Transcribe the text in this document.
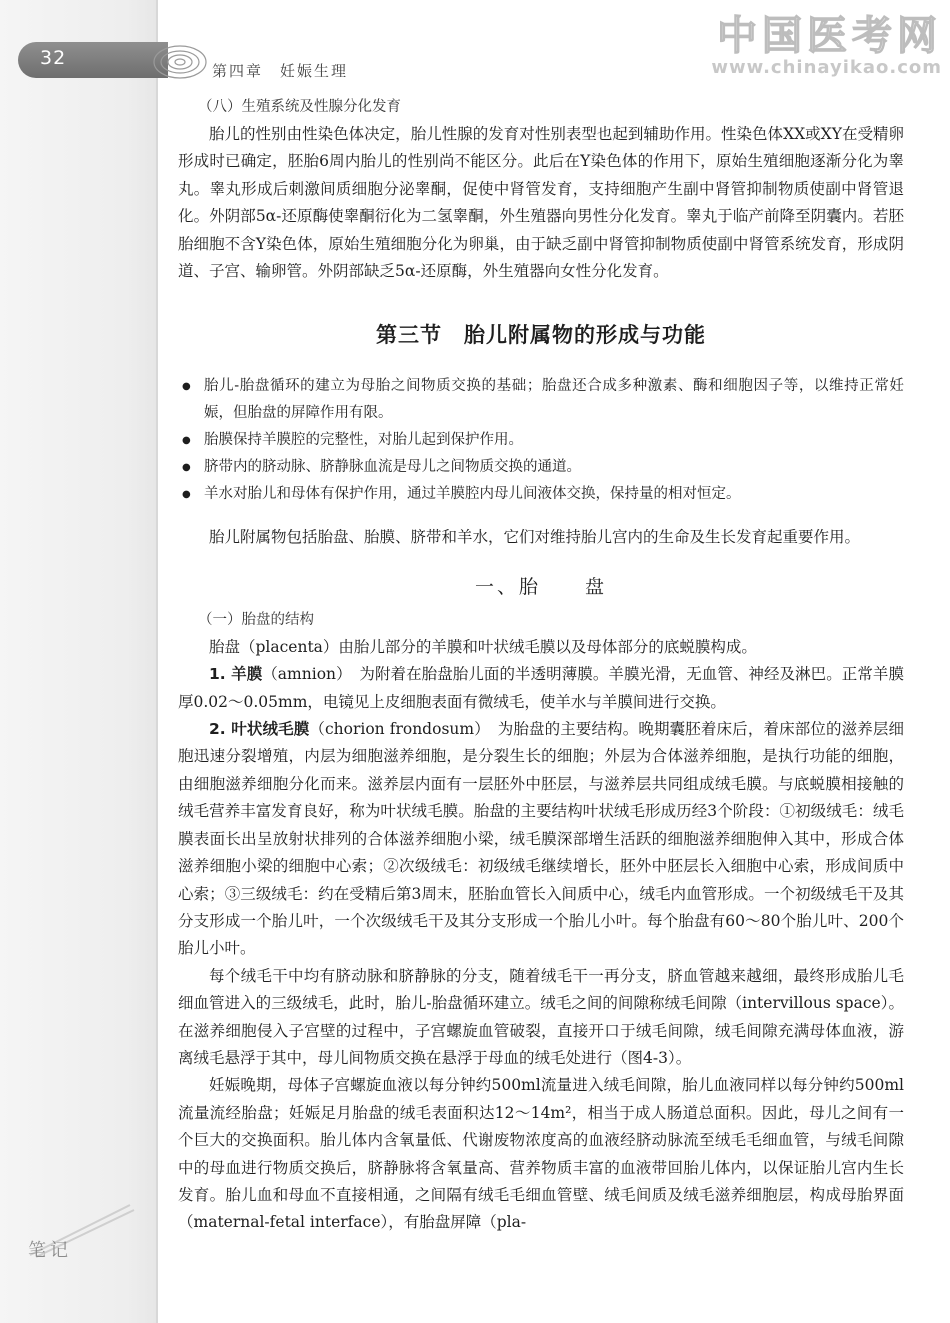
32
第四章　妊娠生理
中国医考网
www.chinayikao.com

（八）生殖系统及性腺分化发育

胎儿的性别由性染色体决定，胎儿性腺的发育对性别表型也起到辅助作用。性染色体XX或XY在受精卵形成时已确定，胚胎6周内胎儿的性别尚不能区分。此后在Y染色体的作用下，原始生殖细胞逐渐分化为睾丸。睾丸形成后刺激间质细胞分泌睾酮，促使中肾管发育，支持细胞产生副中肾管抑制物质使副中肾管退化。外阴部5α-还原酶使睾酮衍化为二氢睾酮，外生殖器向男性分化发育。睾丸于临产前降至阴囊内。若胚胎细胞不含Y染色体，原始生殖细胞分化为卵巢，由于缺乏副中肾管抑制物质使副中肾管系统发育，形成阴道、子宫、输卵管。外阴部缺乏5α-还原酶，外生殖器向女性分化发育。

第三节　胎儿附属物的形成与功能
● 胎儿-胎盘循环的建立为母胎之间物质交换的基础；胎盘还合成多种激素、酶和细胞因子等，以维持正常妊娠，但胎盘的屏障作用有限。
● 胎膜保持羊膜腔的完整性，对胎儿起到保护作用。
● 脐带内的脐动脉、脐静脉血流是母儿之间物质交换的通道。
● 羊水对胎儿和母体有保护作用，通过羊膜腔内母儿间液体交换，保持量的相对恒定。

胎儿附属物包括胎盘、胎膜、脐带和羊水，它们对维持胎儿宫内的生命及生长发育起重要作用。

一、胎　　盘

（一）胎盘的结构

胎盘（placenta）由胎儿部分的羊膜和叶状绒毛膜以及母体部分的底蜕膜构成。

1. 羊膜（amnion）　为附着在胎盘胎儿面的半透明薄膜。羊膜光滑，无血管、神经及淋巴。正常羊膜厚0.02～0.05mm，电镜见上皮细胞表面有微绒毛，使羊水与羊膜间进行交换。

2. 叶状绒毛膜（chorion frondosum）　为胎盘的主要结构。晚期囊胚着床后，着床部位的滋养层细胞迅速分裂增殖，内层为细胞滋养细胞，是分裂生长的细胞；外层为合体滋养细胞，是执行功能的细胞，由细胞滋养细胞分化而来。滋养层内面有一层胚外中胚层，与滋养层共同组成绒毛膜。与底蜕膜相接触的绒毛营养丰富发育良好，称为叶状绒毛膜。胎盘的主要结构叶状绒毛形成历经3个阶段：①初级绒毛：绒毛膜表面长出呈放射状排列的合体滋养细胞小梁，绒毛膜深部增生活跃的细胞滋养细胞伸入其中，形成合体滋养细胞小梁的细胞中心索；②次级绒毛：初级绒毛继续增长，胚外中胚层长入细胞中心索，形成间质中心索；③三级绒毛：约在受精后第3周末，胚胎血管长入间质中心，绒毛内血管形成。一个初级绒毛干及其分支形成一个胎儿叶，一个次级绒毛干及其分支形成一个胎儿小叶。每个胎盘有60～80个胎儿叶、200个胎儿小叶。

每个绒毛干中均有脐动脉和脐静脉的分支，随着绒毛干一再分支，脐血管越来越细，最终形成胎儿毛细血管进入的三级绒毛，此时，胎儿-胎盘循环建立。绒毛之间的间隙称绒毛间隙（intervillous space）。在滋养细胞侵入子宫壁的过程中，子宫螺旋血管破裂，直接开口于绒毛间隙，绒毛间隙充满母体血液，游离绒毛悬浮于其中，母儿间物质交换在悬浮于母血的绒毛处进行（图4-3）。

妊娠晚期，母体子宫螺旋血液以每分钟约500ml流量进入绒毛间隙，胎儿血液同样以每分钟约500ml流量流经胎盘；妊娠足月胎盘的绒毛表面积达12～14m²，相当于成人肠道总面积。因此，母儿之间有一个巨大的交换面积。胎儿体内含氧量低、代谢废物浓度高的血液经脐动脉流至绒毛毛细血管，与绒毛间隙中的母血进行物质交换后，脐静脉将含氧量高、营养物质丰富的血液带回胎儿体内，以保证胎儿宫内生长发育。胎儿血和母血不直接相通，之间隔有绒毛毛细血管壁、绒毛间质及绒毛滋养细胞层，构成母胎界面（maternal-fetal interface），有胎盘屏障（pla-

笔记
